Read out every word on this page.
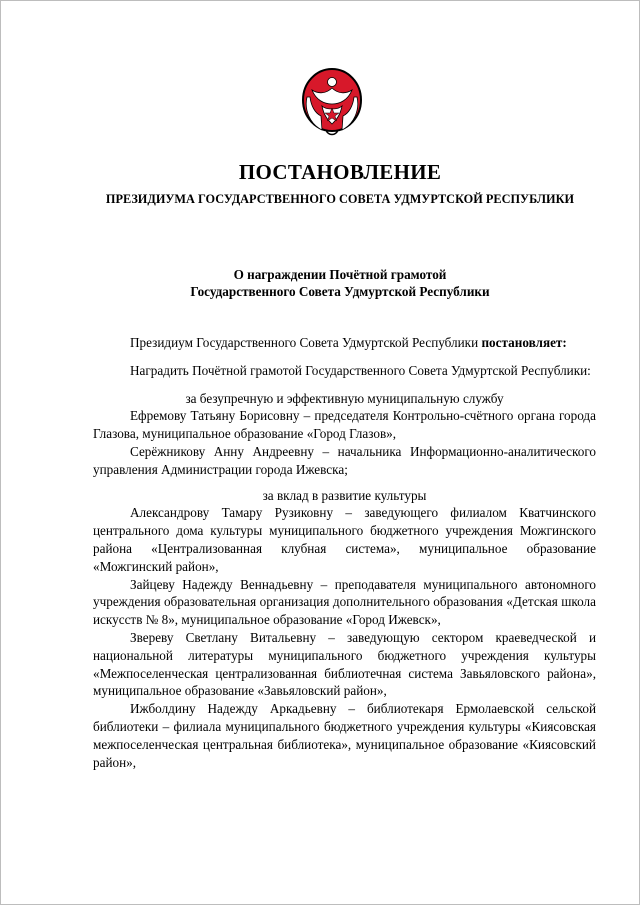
ПОСТАНОВЛЕНИЕ
ПРЕЗИДИУМА ГОСУДАРСТВЕННОГО СОВЕТА УДМУРТСКОЙ РЕСПУБЛИКИ
О награждении Почётной грамотой
Государственного Совета Удмуртской Республики

Президиум Государственного Совета Удмуртской Республики постановляет:

Наградить Почётной грамотой Государственного Совета Удмуртской Республики:

за безупречную и эффективную муниципальную службу

Ефремову Татьяну Борисовну – председателя Контрольно-счётного органа города Глазова, муниципальное образование «Город Глазов»,

Серёжникову Анну Андреевну – начальника Информационно-аналитического управления Администрации города Ижевска;

за вклад в развитие культуры

Александрову Тамару Рузиковну – заведующего филиалом Кватчинского центрального дома культуры муниципального бюджетного учреждения Можгинского района «Централизованная клубная система», муниципальное образование «Можгинский район»,

Зайцеву Надежду Веннадьевну – преподавателя муниципального автономного учреждения образовательная организация дополнительного образования «Детская школа искусств № 8», муниципальное образование «Город Ижевск»,

Звереву Светлану Витальевну – заведующую сектором краеведческой и национальной литературы муниципального бюджетного учреждения культуры «Межпоселенческая централизованная библиотечная система Завьяловского района», муниципальное образование «Завьяловский район»,

Ижболдину Надежду Аркадьевну – библиотекаря Ермолаевской сельской библиотеки – филиала муниципального бюджетного учреждения культуры «Киясовская межпоселенческая центральная библиотека», муниципальное образование «Киясовский район»,
